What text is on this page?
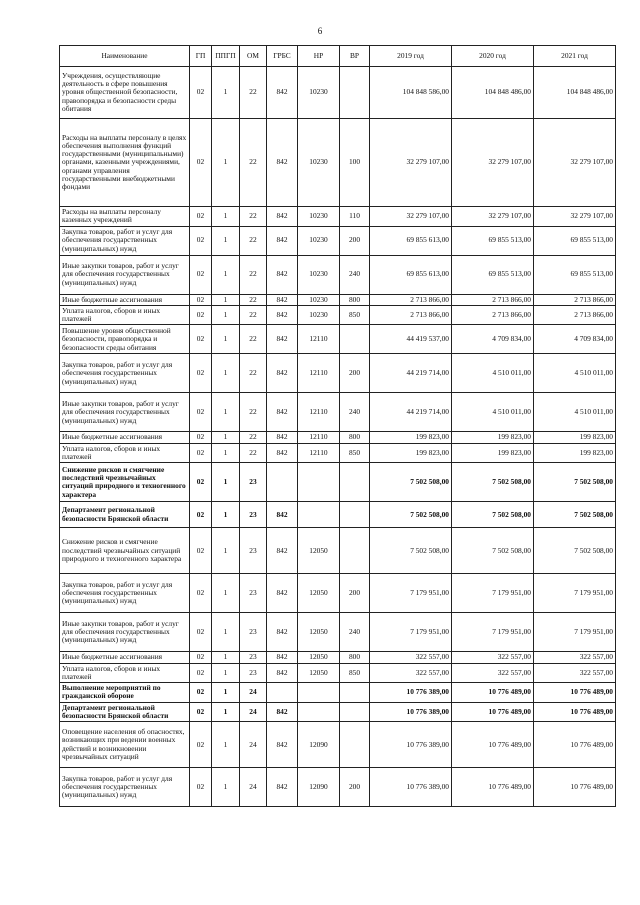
6
Наименование	ГП	ППГП	ОМ	ГРБС	НР	ВР	2019 год	2020 год	2021 год
Учреждения, осуществляющие деятельность в сфере повышения уровня общественной безопасности, правопорядка и безопасности среды обитания	02	1	22	842	10230		104 848 586,00	104 848 486,00	104 848 486,00
Расходы на выплаты персоналу в целях обеспечения выполнения функций государственными (муниципальными) органами, казенными учреждениями, органами управления государственными внебюджетными фондами	02	1	22	842	10230	100	32 279 107,00	32 279 107,00	32 279 107,00
Расходы на выплаты персоналу казенных учреждений	02	1	22	842	10230	110	32 279 107,00	32 279 107,00	32 279 107,00
Закупка товаров, работ и услуг для обеспечения государственных (муниципальных) нужд	02	1	22	842	10230	200	69 855 613,00	69 855 513,00	69 855 513,00
Иные закупки товаров, работ и услуг для обеспечения государственных (муниципальных) нужд	02	1	22	842	10230	240	69 855 613,00	69 855 513,00	69 855 513,00
Иные бюджетные ассигнования	02	1	22	842	10230	800	2 713 866,00	2 713 866,00	2 713 866,00
Уплата налогов, сборов и иных платежей	02	1	22	842	10230	850	2 713 866,00	2 713 866,00	2 713 866,00
Повышение уровня общественной безопасности, правопорядка и безопасности среды обитания	02	1	22	842	12110		44 419 537,00	4 709 834,00	4 709 834,00
Закупка товаров, работ и услуг для обеспечения государственных (муниципальных) нужд	02	1	22	842	12110	200	44 219 714,00	4 510 011,00	4 510 011,00
Иные закупки товаров, работ и услуг для обеспечения государственных (муниципальных) нужд	02	1	22	842	12110	240	44 219 714,00	4 510 011,00	4 510 011,00
Иные бюджетные ассигнования	02	1	22	842	12110	800	199 823,00	199 823,00	199 823,00
Уплата налогов, сборов и иных платежей	02	1	22	842	12110	850	199 823,00	199 823,00	199 823,00
Снижение рисков и смягчение последствий чрезвычайных ситуаций природного и техногенного характера	02	1	23				7 502 508,00	7 502 508,00	7 502 508,00
Департамент региональной безопасности Брянской области	02	1	23	842			7 502 508,00	7 502 508,00	7 502 508,00
Снижение рисков и смягчение последствий чрезвычайных ситуаций природного и техногенного характера	02	1	23	842	12050		7 502 508,00	7 502 508,00	7 502 508,00
Закупка товаров, работ и услуг для обеспечения государственных (муниципальных) нужд	02	1	23	842	12050	200	7 179 951,00	7 179 951,00	7 179 951,00
Иные закупки товаров, работ и услуг для обеспечения государственных (муниципальных) нужд	02	1	23	842	12050	240	7 179 951,00	7 179 951,00	7 179 951,00
Иные бюджетные ассигнования	02	1	23	842	12050	800	322 557,00	322 557,00	322 557,00
Уплата налогов, сборов и иных платежей	02	1	23	842	12050	850	322 557,00	322 557,00	322 557,00
Выполнение мероприятий по гражданской обороне	02	1	24				10 776 389,00	10 776 489,00	10 776 489,00
Департамент региональной безопасности Брянской области	02	1	24	842			10 776 389,00	10 776 489,00	10 776 489,00
Оповещение населения об опасностях, возникающих при ведении военных действий и возникновении чрезвычайных ситуаций	02	1	24	842	12090		10 776 389,00	10 776 489,00	10 776 489,00
Закупка товаров, работ и услуг для обеспечения государственных (муниципальных) нужд	02	1	24	842	12090	200	10 776 389,00	10 776 489,00	10 776 489,00
